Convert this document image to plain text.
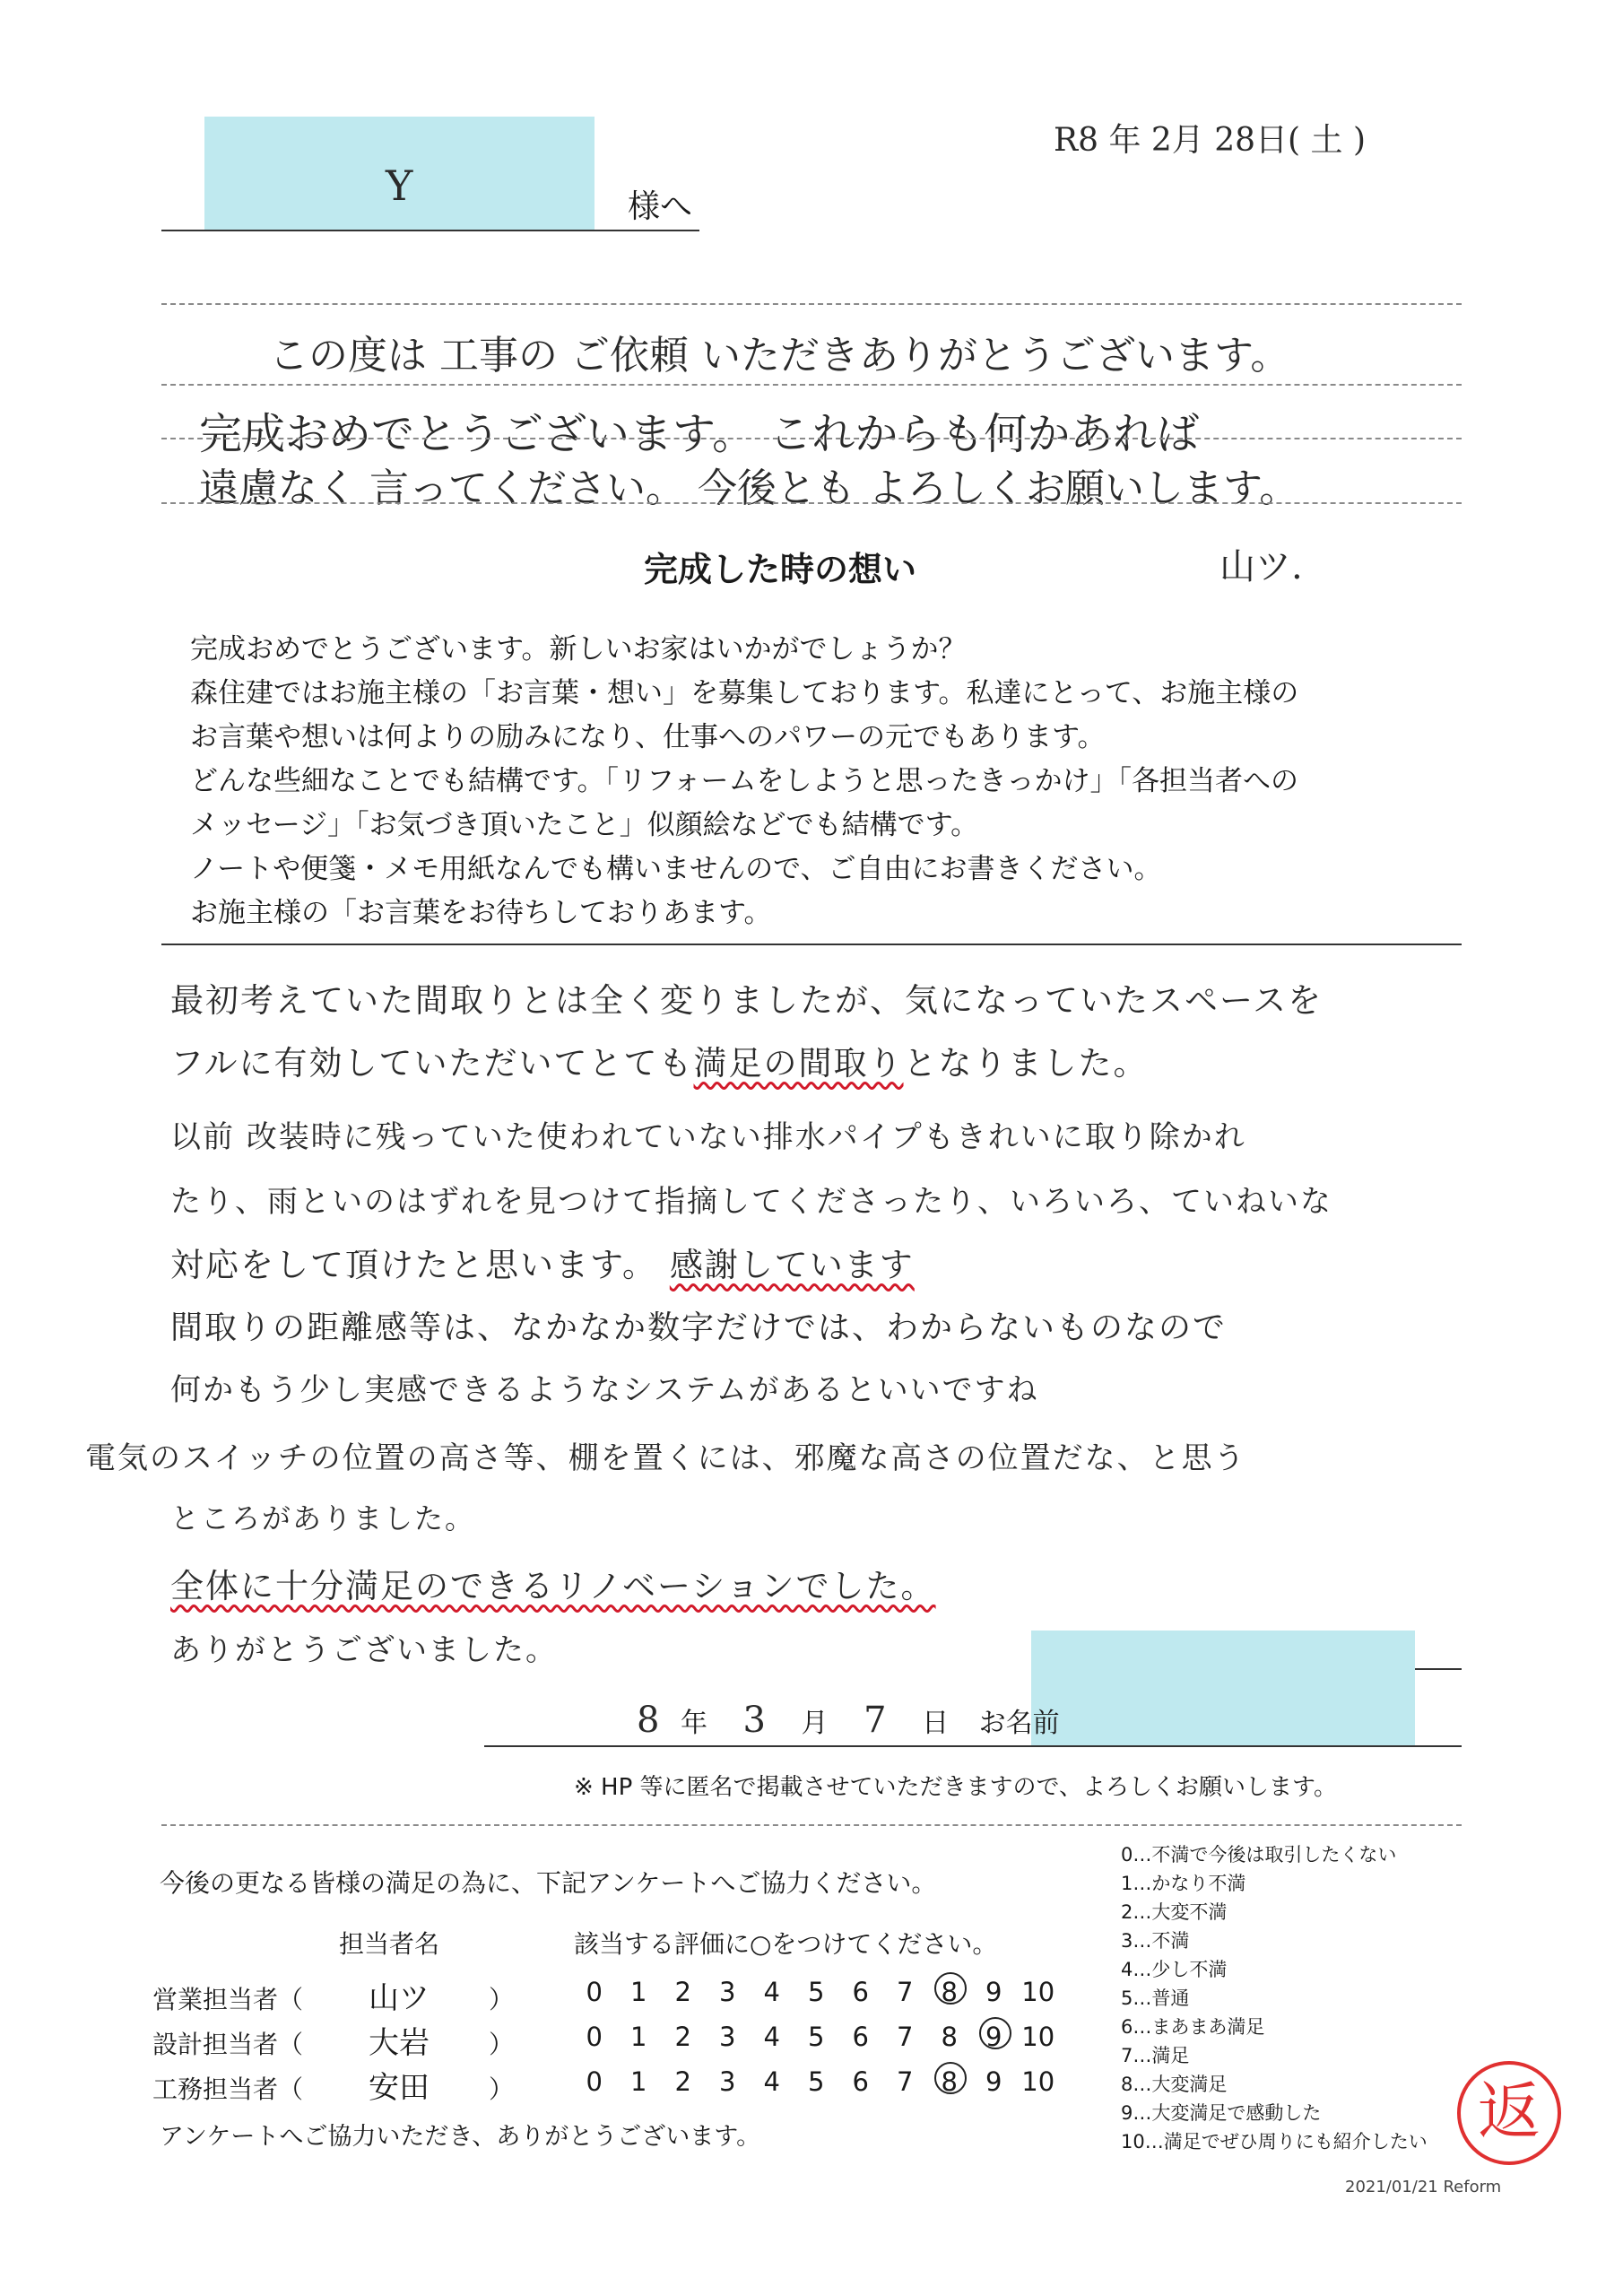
R8 年 2月 28日( 土 )
Y	様へ
この度は 工事の ご依頼 いただきありがとうございます。
完成おめでとうございます。 これからも何かあれば
遠慮なく 言ってください。 今後とも よろしくお願いします。
完成した時の想い	山ツ.

完成おめでとうございます。新しいお家はいかがでしょうか？

森住建ではお施主様の「お言葉・想い」を募集しております。私達にとって、お施主様の

お言葉や想いは何よりの励みになり、仕事へのパワーの元でもあります。

どんな些細なことでも結構です。「リフォームをしようと思ったきっかけ」「各担当者への

メッセージ」「お気づき頂いたこと」似顔絵などでも結構です。

ノートや便箋・メモ用紙なんでも構いませんので、ご自由にお書きください。

お施主様の「お言葉をお待ちしておりあます。

最初考えていた間取りとは全く変りましたが、気になっていたスペースを
フルに有効していただいてとても満足の間取りとなりました。
以前 改装時に残っていた使われていない排水パイプもきれいに取り除かれ
たり、雨といのはずれを見つけて指摘してくださったり、いろいろ、ていねいな
対応をして頂けたと思います。 感謝しています
間取りの距離感等は、なかなか数字だけでは、わからないものなので
何かもう少し実感できるようなシステムがあるといいですね
電気のスイッチの位置の高さ等、棚を置くには、邪魔な高さの位置だな、と思う
ところがありました。
全体に十分満足のできるリノベーションでした。
ありがとうございました。
8 年 3 月 7 日 お名前
※ HP 等に匿名で掲載させていただきますので、よろしくお願いします。
今後の更なる皆様の満足の為に、下記アンケートへご協力ください。
担当者名	該当する評価に○をつけてください。
営業担当者（ 山ツ ）	0 1 2 3 4 5 6 7 8 9 10
設計担当者（ 大岩 ）	0 1 2 3 4 5 6 7 8 9 10
工務担当者（ 安田 ）	0 1 2 3 4 5 6 7 8 9 10
アンケートへご協力いただき、ありがとうございます。
0…不満で今後は取引したくない
1…かなり不満
2…大変不満
3…不満
4…少し不満
5…普通
6…まあまあ満足
7…満足
8…大変満足
9…大変満足で感動した
10…満足でぜひ周りにも紹介したい 返
2021/01/21 Reform
